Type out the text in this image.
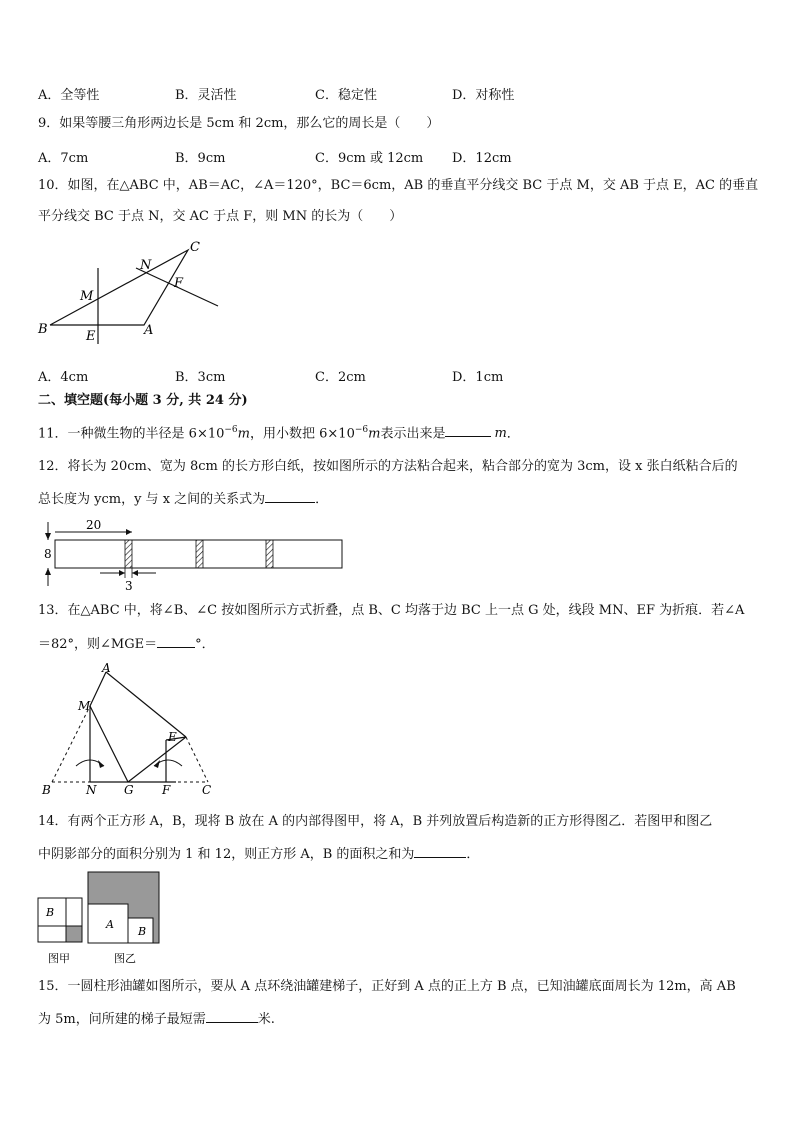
A．全等性	B．灵活性	C．稳定性	D．对称性
9．如果等腰三角形两边长是 5cm 和 2cm，那么它的周长是（　　）
A．7cm	B．9cm	C．9cm 或 12cm D．12cm
10．如图，在△ABC 中，AB＝AC，∠A＝120°，BC＝6cm，AB 的垂直平分线交 BC 于点 M，交 AB 于点 E，AC 的垂直
平分线交 BC 于点 N，交 AC 于点 F，则 MN 的长为（　　）
B	A
C
M
N
E
F
A．4cm	B．3cm	C．2cm	D．1cm
二、填空题(每小题 3 分, 共 24 分)
11．一种微生物的半径是 $6\times 10^{-6}m$，用小数把 $6\times 10^{-6}m$表示出来是	m．
12．将长为 20cm、宽为 8cm 的长方形白纸，按如图所示的方法粘合起来，粘合部分的宽为 3cm，设 x 张白纸粘合后的
总长度为 ycm，y 与 x 之间的关系式为	．
20
8
3
13．在△ABC 中，将∠B、∠C 按如图所示方式折叠，点 B、C 均落于边 BC 上一点 G 处，线段 MN、EF 为折痕．若∠A
＝82°，则∠MGE＝	°．
A
M
E
B	N G F	C
14．有两个正方形 A，B，现将 B 放在 A 的内部得图甲，将 A，B 并列放置后构造新的正方形得图乙．若图甲和图乙
中阴影部分的面积分别为 1 和 12，则正方形 A，B 的面积之和为	．
B
A
B
图甲	图乙
15．一圆柱形油罐如图所示，要从 A 点环绕油罐建梯子，正好到 A 点的正上方 B 点，已知油罐底面周长为 12m，高 AB
为 5m，问所建的梯子最短需	米.
